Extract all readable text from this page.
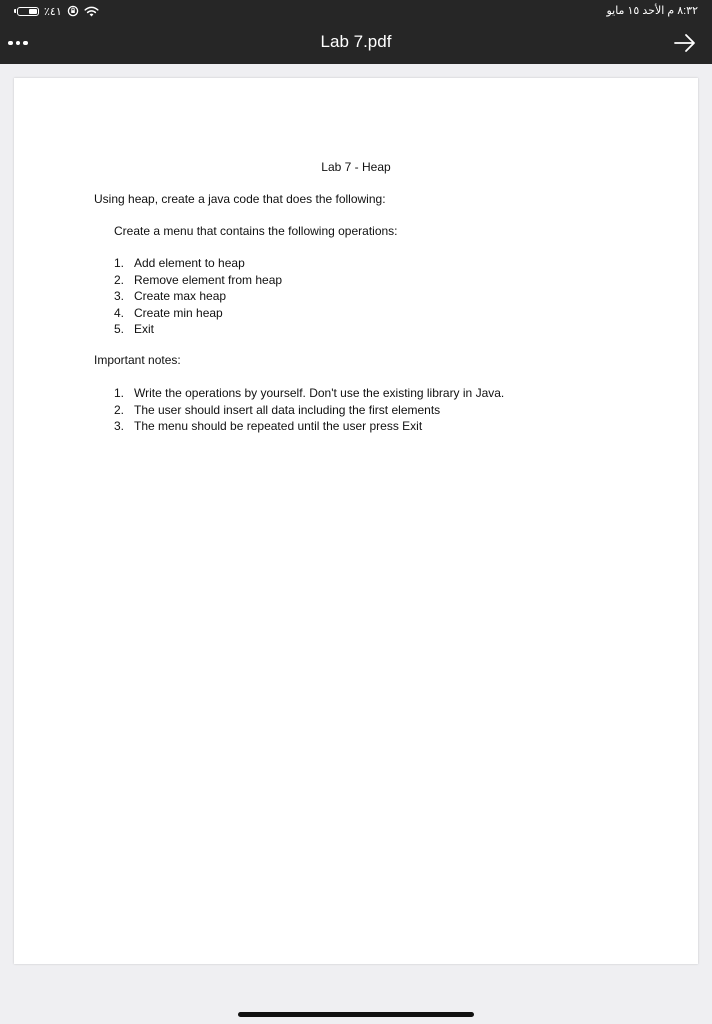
٪٤١	٨:٣٢ م الأحد ١٥ مايو
Lab 7.pdf
Lab 7 - Heap
Using heap, create a java code that does the following:
Create a menu that contains the following operations:
1. Add element to heap
2. Remove element from heap
3. Create max heap
4. Create min heap
5. Exit
Important notes:
1. Write the operations by yourself. Don't use the existing library in Java.
2. The user should insert all data including the first elements
3. The menu should be repeated until the user press Exit
